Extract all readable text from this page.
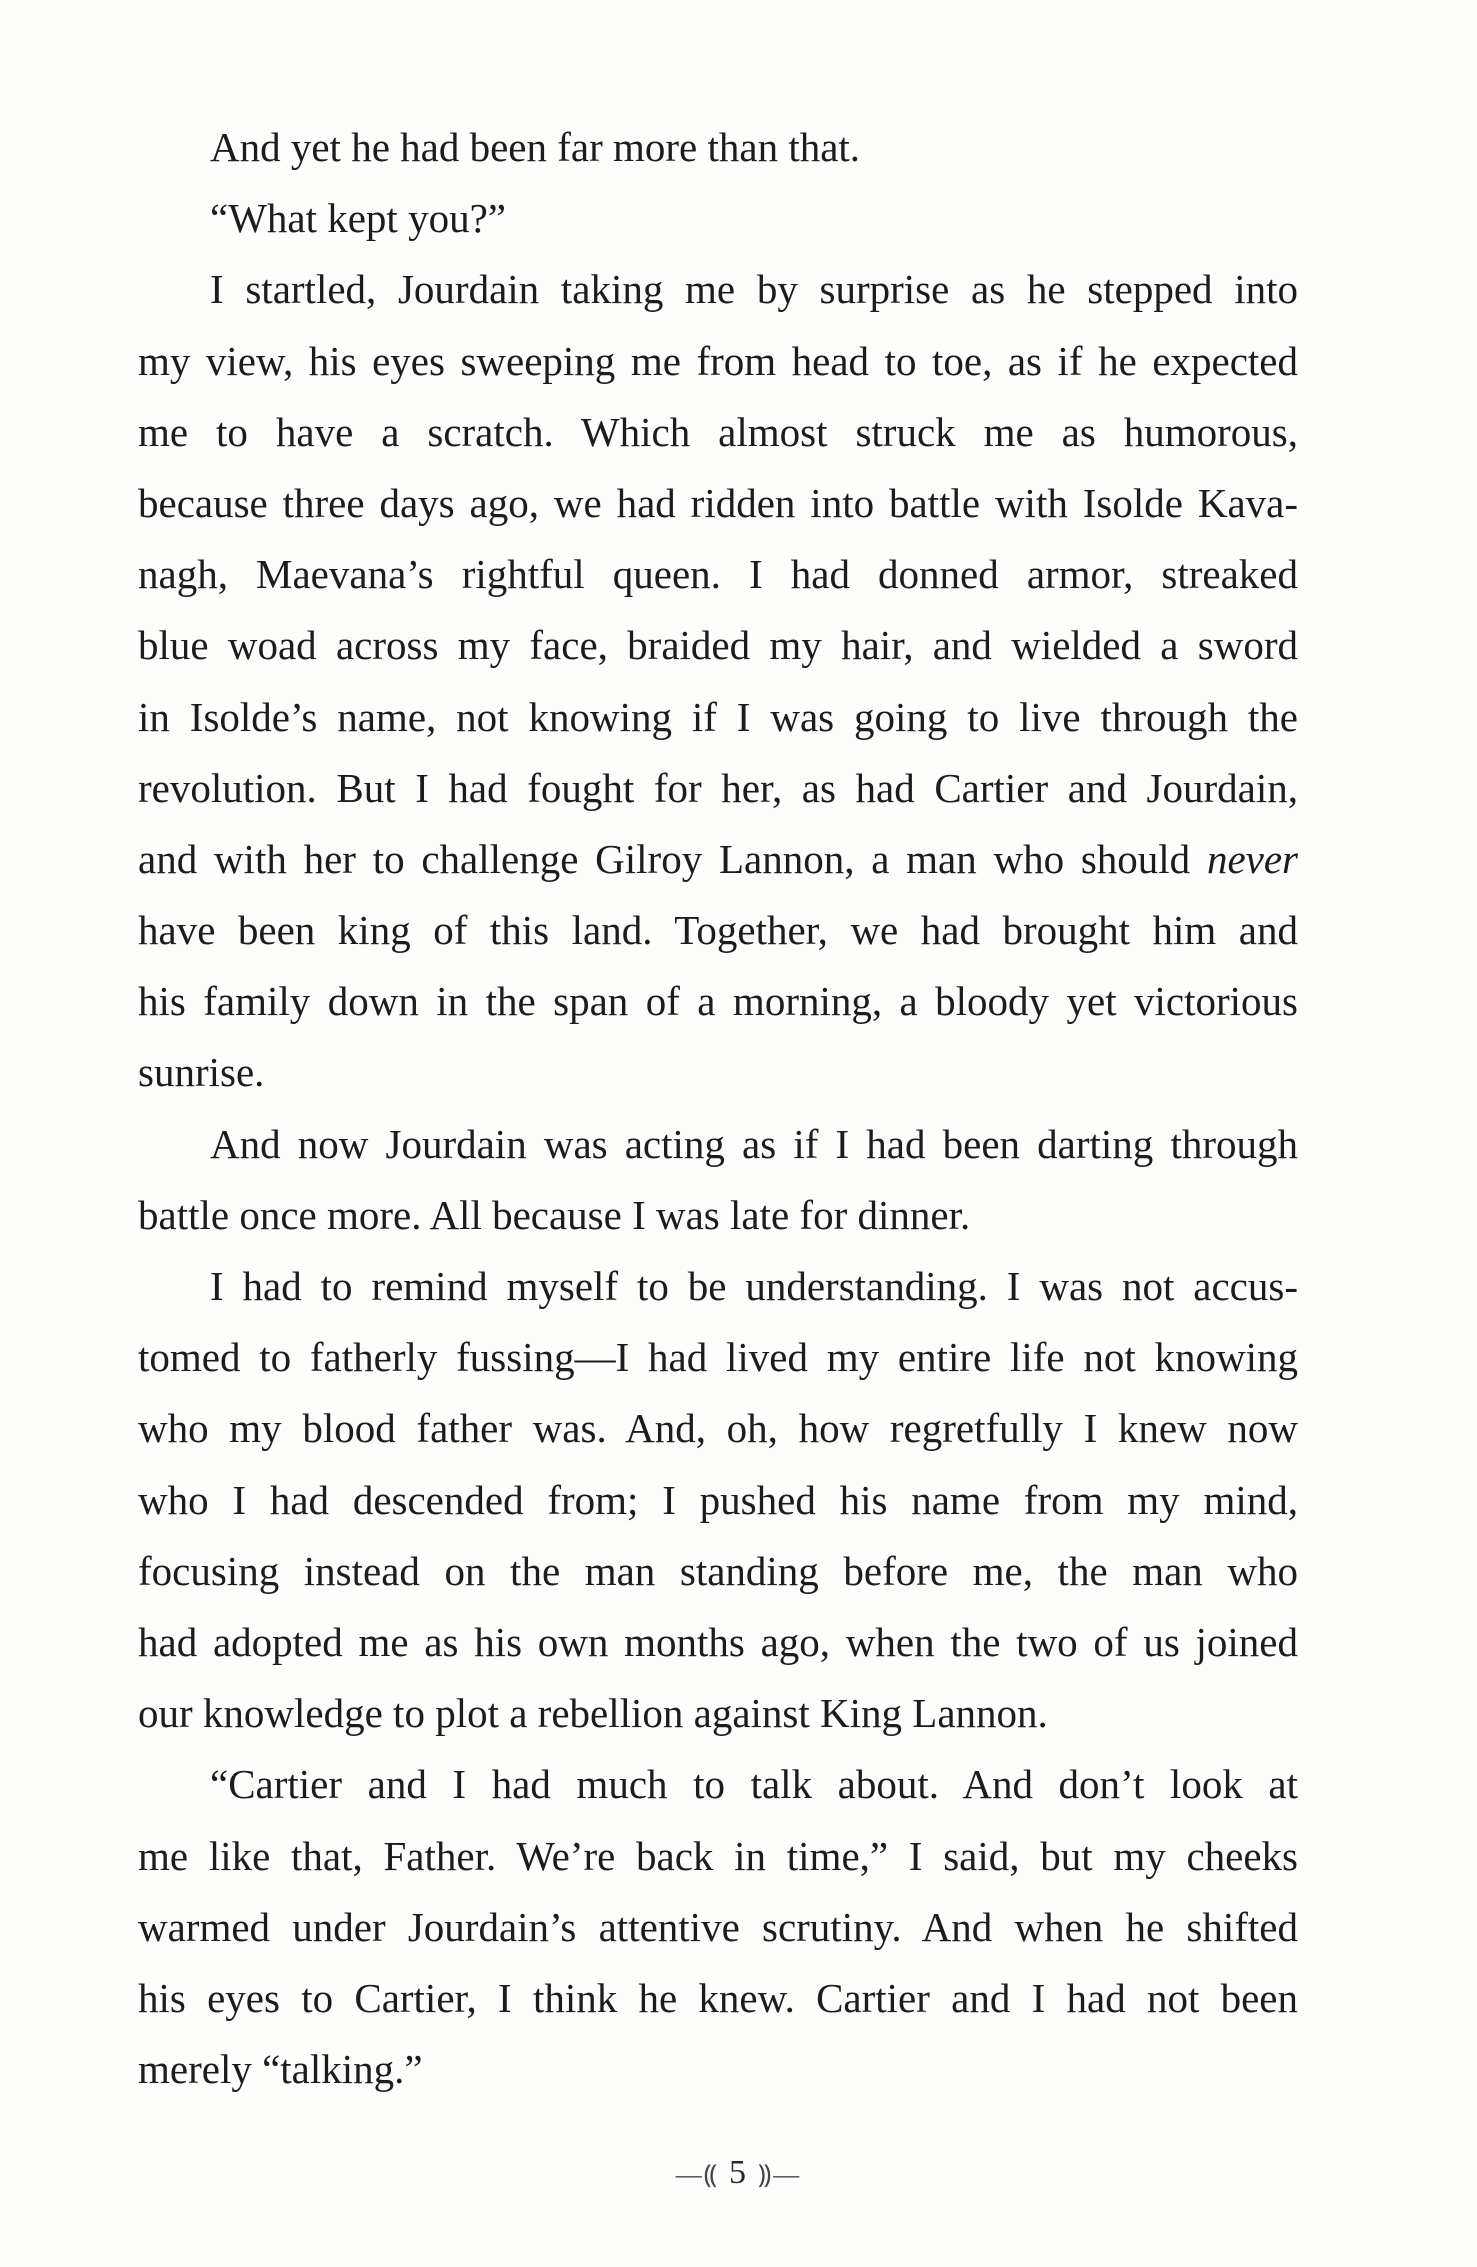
And yet he had been far more than that.
“What kept you?”
I startled, Jourdain taking me by surprise as he stepped into
my view, his eyes sweeping me from head to toe, as if he expected
me to have a scratch. Which almost struck me as humorous,
because three days ago, we had ridden into battle with Isolde Kava-
nagh, Maevana’s rightful queen. I had donned armor, streaked
blue woad across my face, braided my hair, and wielded a sword
in Isolde’s name, not knowing if I was going to live through the
revolution. But I had fought for her, as had Cartier and Jourdain,
and with her to challenge Gilroy Lannon, a man who should never
have been king of this land. Together, we had brought him and
his family down in the span of a morning, a bloody yet victorious
sunrise.
And now Jourdain was acting as if I had been darting through
battle once more. All because I was late for dinner.
I had to remind myself to be understanding. I was not accus-
tomed to fatherly fussing—I had lived my entire life not knowing
who my blood father was. And, oh, how regretfully I knew now
who I had descended from; I pushed his name from my mind,
focusing instead on the man standing before me, the man who
had adopted me as his own months ago, when the two of us joined
our knowledge to plot a rebellion against King Lannon.
“Cartier and I had much to talk about. And don’t look at
me like that, Father. We’re back in time,” I said, but my cheeks
warmed under Jourdain’s attentive scrutiny. And when he shifted
his eyes to Cartier, I think he knew. Cartier and I had not been
merely “talking.”
—⸨ 5 ⸩—
